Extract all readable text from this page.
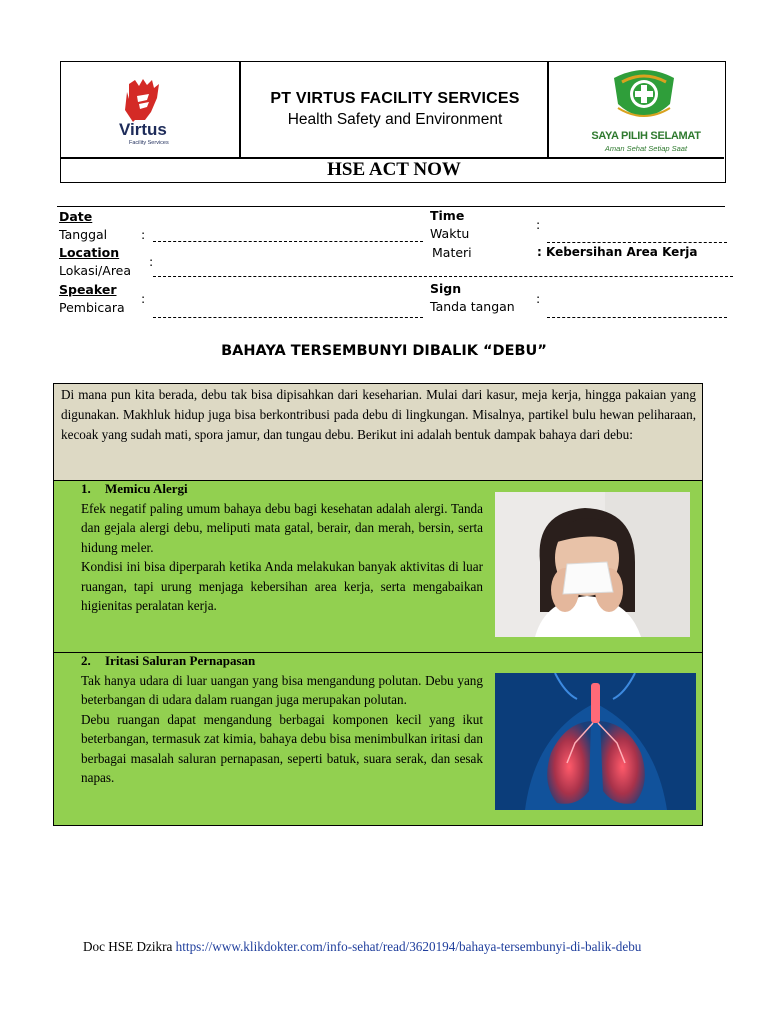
Virtus
Facility Services
PT VIRTUS FACILITY SERVICES
Health Safety and Environment
SAYA PILIH SELAMAT
Aman Sehat Setiap Saat
HSE ACT NOW
Date
Tanggal	:
Location
Lokasi/Area
:
Speaker
Pembicara
:
Time
Waktu
:
Materi	: Kebersihan Area Kerja
Sign
Tanda tangan
:
BAHAYA TERSEMBUNYI DIBALIK “DEBU”
Di mana pun kita berada, debu tak bisa dipisahkan dari keseharian. Mulai dari kasur, meja kerja, hingga pakaian yang digunakan. Makhluk hidup juga bisa berkontribusi pada debu di lingkungan. Misalnya, partikel bulu hewan peliharaan, kecoak yang sudah mati, spora jamur, dan tungau debu. Berikut ini adalah bentuk dampak bahaya dari debu:
1. Memicu Alergi
Efek negatif paling umum bahaya debu bagi kesehatan adalah alergi. Tanda dan gejala alergi debu, meliputi mata gatal, berair, dan merah, bersin, serta hidung meler.
Kondisi ini bisa diperparah ketika Anda melakukan banyak aktivitas di luar ruangan, tapi urung menjaga kebersihan area kerja, serta mengabaikan higienitas peralatan kerja.
2. Iritasi Saluran Pernapasan
Tak hanya udara di luar uangan yang bisa mengandung polutan. Debu yang beterbangan di udara dalam ruangan juga merupakan polutan.
Debu ruangan dapat mengandung berbagai komponen kecil yang ikut beterbangan, termasuk zat kimia, bahaya debu bisa menimbulkan iritasi dan berbagai masalah saluran pernapasan, seperti batuk, suara serak, dan sesak napas.
Doc HSE Dzikra https://www.klikdokter.com/info-sehat/read/3620194/bahaya-tersembunyi-di-balik-debu
